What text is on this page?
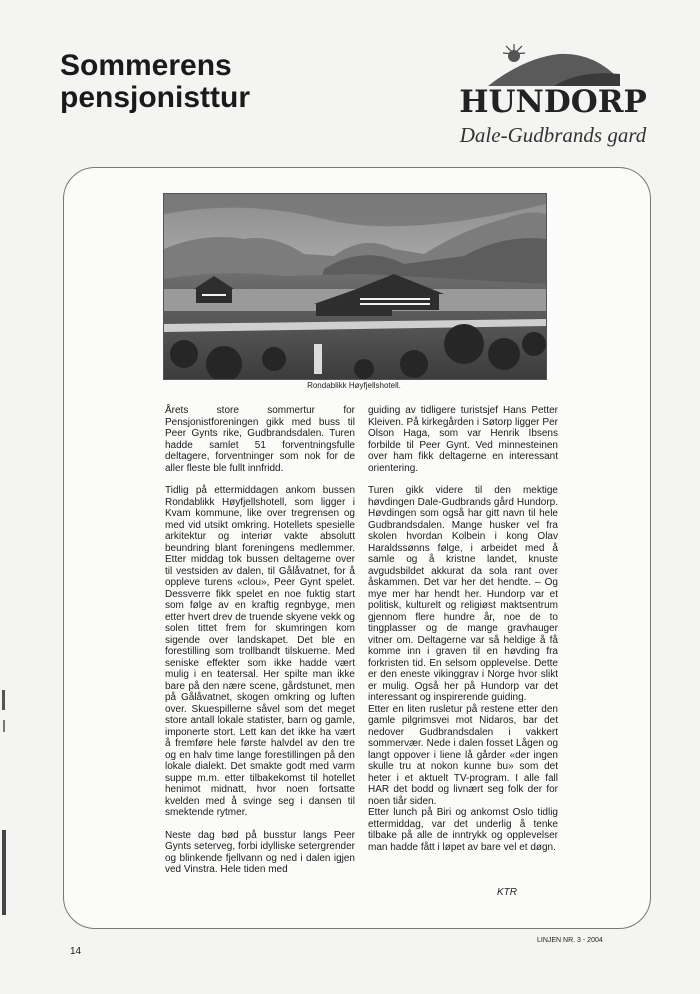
Sommerens
pensjonisttur	HUNDORP
Dale-Gudbrands gard
Rondablikk Høyfjellshotell.

Årets store sommertur for Pensjonistforeningen gikk med buss til Peer Gynts rike, Gudbrandsdalen. Turen hadde samlet 51 forventningsfulle deltagere, forventninger som nok for de aller fleste ble fullt innfridd.

Tidlig på ettermiddagen ankom bussen Rondablikk Høyfjellshotell, som ligger i Kvam kommune, like over tregrensen og med vid utsikt omkring. Hotellets spesielle arkitektur og interiør vakte absolutt beundring blant foreningens medlemmer. Etter middag tok bussen deltagerne over til vestsiden av dalen, til Gålåvatnet, for å oppleve turens «clou», Peer Gynt spelet. Dessverre fikk spelet en noe fuktig start som følge av en kraftig regnbyge, men etter hvert drev de truende skyene vekk og solen tittet frem for skumringen kom sigende over landskapet. Det ble en forestilling som trollbandt tilskuerne. Med seniske effekter som ikke hadde vært mulig i en teatersal. Her spilte man ikke bare på den nære scene, gårdstunet, men på Gålåvatnet, skogen omkring og luften over. Skuespillerne såvel som det meget store antall lokale statister, barn og gamle, imponerte stort. Lett kan det ikke ha vært å fremføre hele første halvdel av den tre og en halv time lange forestillingen på den lokale dialekt. Det smakte godt med varm suppe m.m. etter tilbakekomst til hotellet henimot midnatt, hvor noen fortsatte kvelden med å svinge seg i dansen til smektende rytmer.

Neste dag bød på busstur langs Peer Gynts seterveg, forbi idylliske setergrender og blinkende fjellvann og ned i dalen igjen ved Vinstra. Hele tiden med

guiding av tidligere turistsjef Hans Petter Kleiven. På kirkegården i Søtorp ligger Per Olson Haga, som var Henrik Ibsens forbilde til Peer Gynt. Ved minnesteinen over ham fikk deltagerne en interessant orientering.

Turen gikk videre til den mektige høvdingen Dale-Gudbrands gård Hundorp. Høvdingen som også har gitt navn til hele Gudbrandsdalen. Mange husker vel fra skolen hvordan Kolbein i kong Olav Haraldssønns følge, i arbeidet med å samle og å kristne landet, knuste avgudsbildet akkurat da sola rant over åskammen. Det var her det hendte. – Og mye mer har hendt her. Hundorp var et politisk, kulturelt og religiøst maktsentrum gjennom flere hundre år, noe de to tingplasser og de mange gravhauger vitner om. Deltagerne var så heldige å få komme inn i graven til en høvding fra forkristen tid. En selsom opplevelse. Dette er den eneste vikinggrav i Norge hvor slikt er mulig. Også her på Hundorp var det interessant og inspirerende guiding.

Etter en liten rusletur på restene etter den gamle pilgrimsvei mot Nidaros, bar det nedover Gudbrandsdalen i vakkert sommervær. Nede i dalen fosset Lågen og langt oppover i liene lå gårder «der ingen skulle tru at nokon kunne bu» som det heter i et aktuelt TV-program. I alle fall HAR det bodd og livnært seg folk der for noen tiår siden.

Etter lunch på Biri og ankomst Oslo tidlig ettermiddag, var det underlig å tenke tilbake på alle de inntrykk og opplevelser man hadde fått i løpet av bare vel et døgn.

KTR
14
LINJEN NR. 3 - 2004
